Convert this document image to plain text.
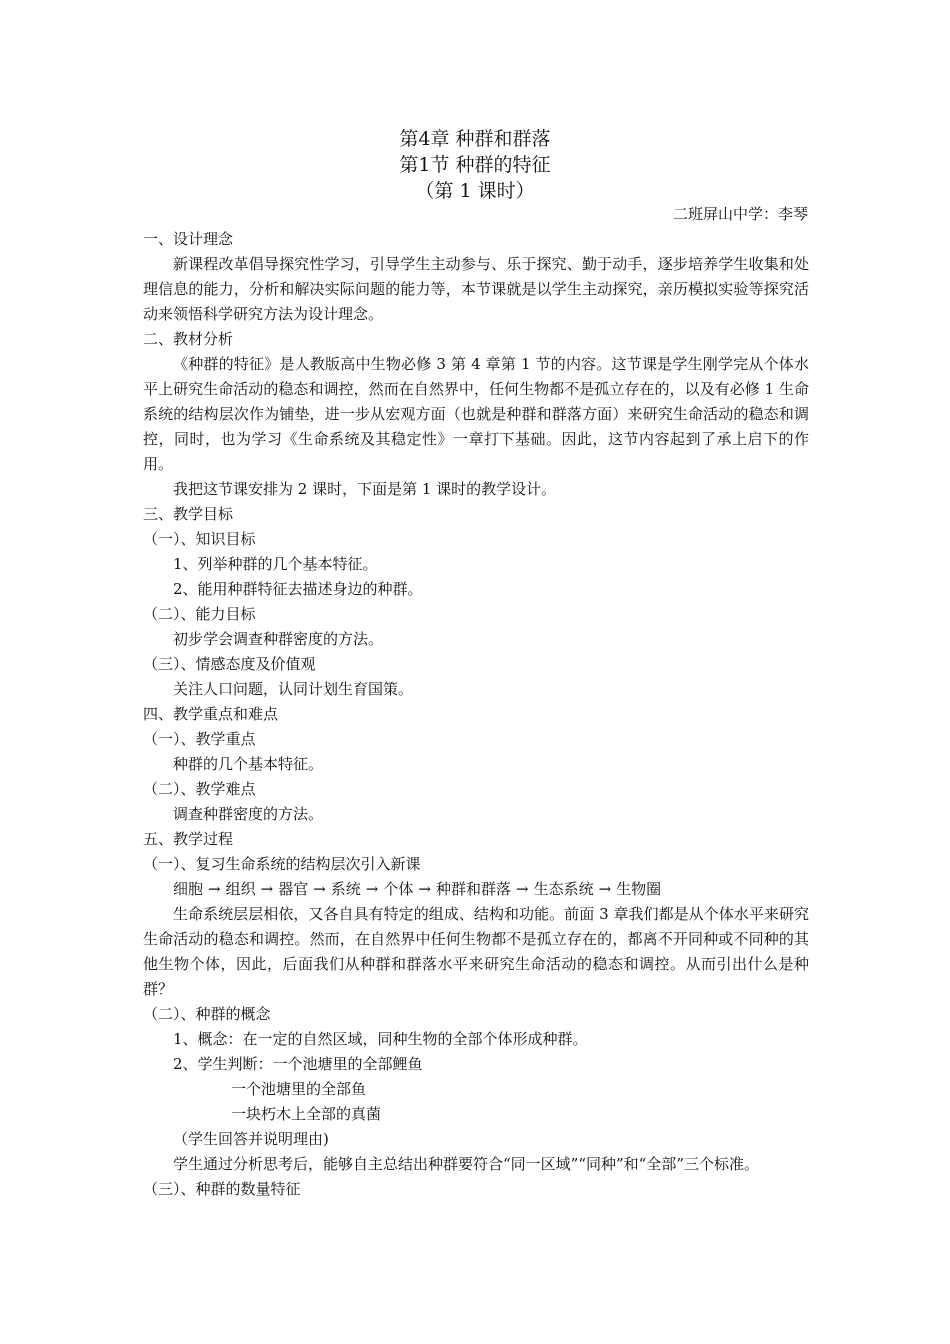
第4章 种群和群落
第1节 种群的特征
（第 1 课时）
二班屏山中学：李琴

一、设计理念

新课程改革倡导探究性学习，引导学生主动参与、乐于探究、勤于动手，逐步培养学生收集和处理信息的能力，分析和解决实际问题的能力等，本节课就是以学生主动探究，亲历模拟实验等探究活动来领悟科学研究方法为设计理念。

二、教材分析

《种群的特征》是人教版高中生物必修 3 第 4 章第 1 节的内容。这节课是学生刚学完从个体水平上研究生命活动的稳态和调控，然而在自然界中，任何生物都不是孤立存在的，以及有必修 1 生命系统的结构层次作为铺垫，进一步从宏观方面（也就是种群和群落方面）来研究生命活动的稳态和调控，同时，也为学习《生命系统及其稳定性》一章打下基础。因此，这节内容起到了承上启下的作用。

我把这节课安排为 2 课时，下面是第 1 课时的教学设计。

三、教学目标

（一）、知识目标

1、列举种群的几个基本特征。

2、能用种群特征去描述身边的种群。

（二）、能力目标

初步学会调查种群密度的方法。

（三）、情感态度及价值观

关注人口问题，认同计划生育国策。

四、教学重点和难点

（一）、教学重点

种群的几个基本特征。

（二）、教学难点

调查种群密度的方法。

五、教学过程

（一）、复习生命系统的结构层次引入新课

细胞 → 组织 → 器官 → 系统 → 个体 → 种群和群落 → 生态系统 → 生物圈

生命系统层层相依，又各自具有特定的组成、结构和功能。前面 3 章我们都是从个体水平来研究生命活动的稳态和调控。然而，在自然界中任何生物都不是孤立存在的，都离不开同种或不同种的其他生物个体，因此，后面我们从种群和群落水平来研究生命活动的稳态和调控。从而引出什么是种群？

（二）、种群的概念

1、概念：在一定的自然区域，同种生物的全部个体形成种群。

2、学生判断：一个池塘里的全部鲤鱼

一个池塘里的全部鱼

一块朽木上全部的真菌

（学生回答并说明理由)

学生通过分析思考后，能够自主总结出种群要符合“同一区域”“同种”和“全部”三个标准。

（三）、种群的数量特征
